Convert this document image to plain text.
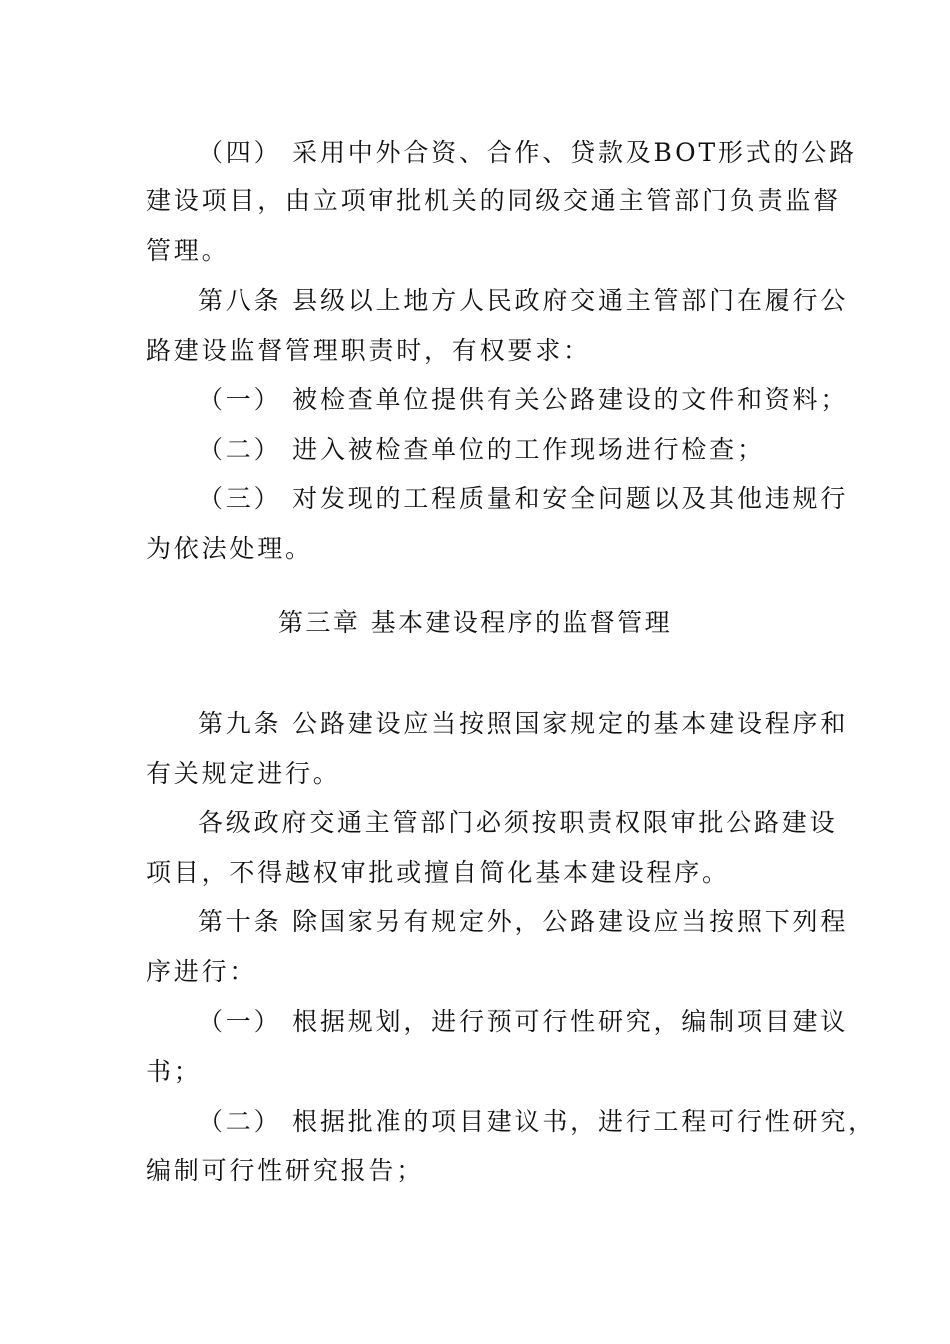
（四） 采用中外合资、合作、贷款及BOT形式的公路
建设项目，由立项审批机关的同级交通主管部门负责监督
管理。
第八条 县级以上地方人民政府交通主管部门在履行公
路建设监督管理职责时，有权要求：
（一） 被检查单位提供有关公路建设的文件和资料；
（二） 进入被检查单位的工作现场进行检查；
（三） 对发现的工程质量和安全问题以及其他违规行
为依法处理。
第三章 基本建设程序的监督管理
第九条 公路建设应当按照国家规定的基本建设程序和
有关规定进行。
各级政府交通主管部门必须按职责权限审批公路建设
项目，不得越权审批或擅自简化基本建设程序。
第十条 除国家另有规定外，公路建设应当按照下列程
序进行：
（一） 根据规划，进行预可行性研究，编制项目建议
书；
（二） 根据批准的项目建议书，进行工程可行性研究，
编制可行性研究报告；
